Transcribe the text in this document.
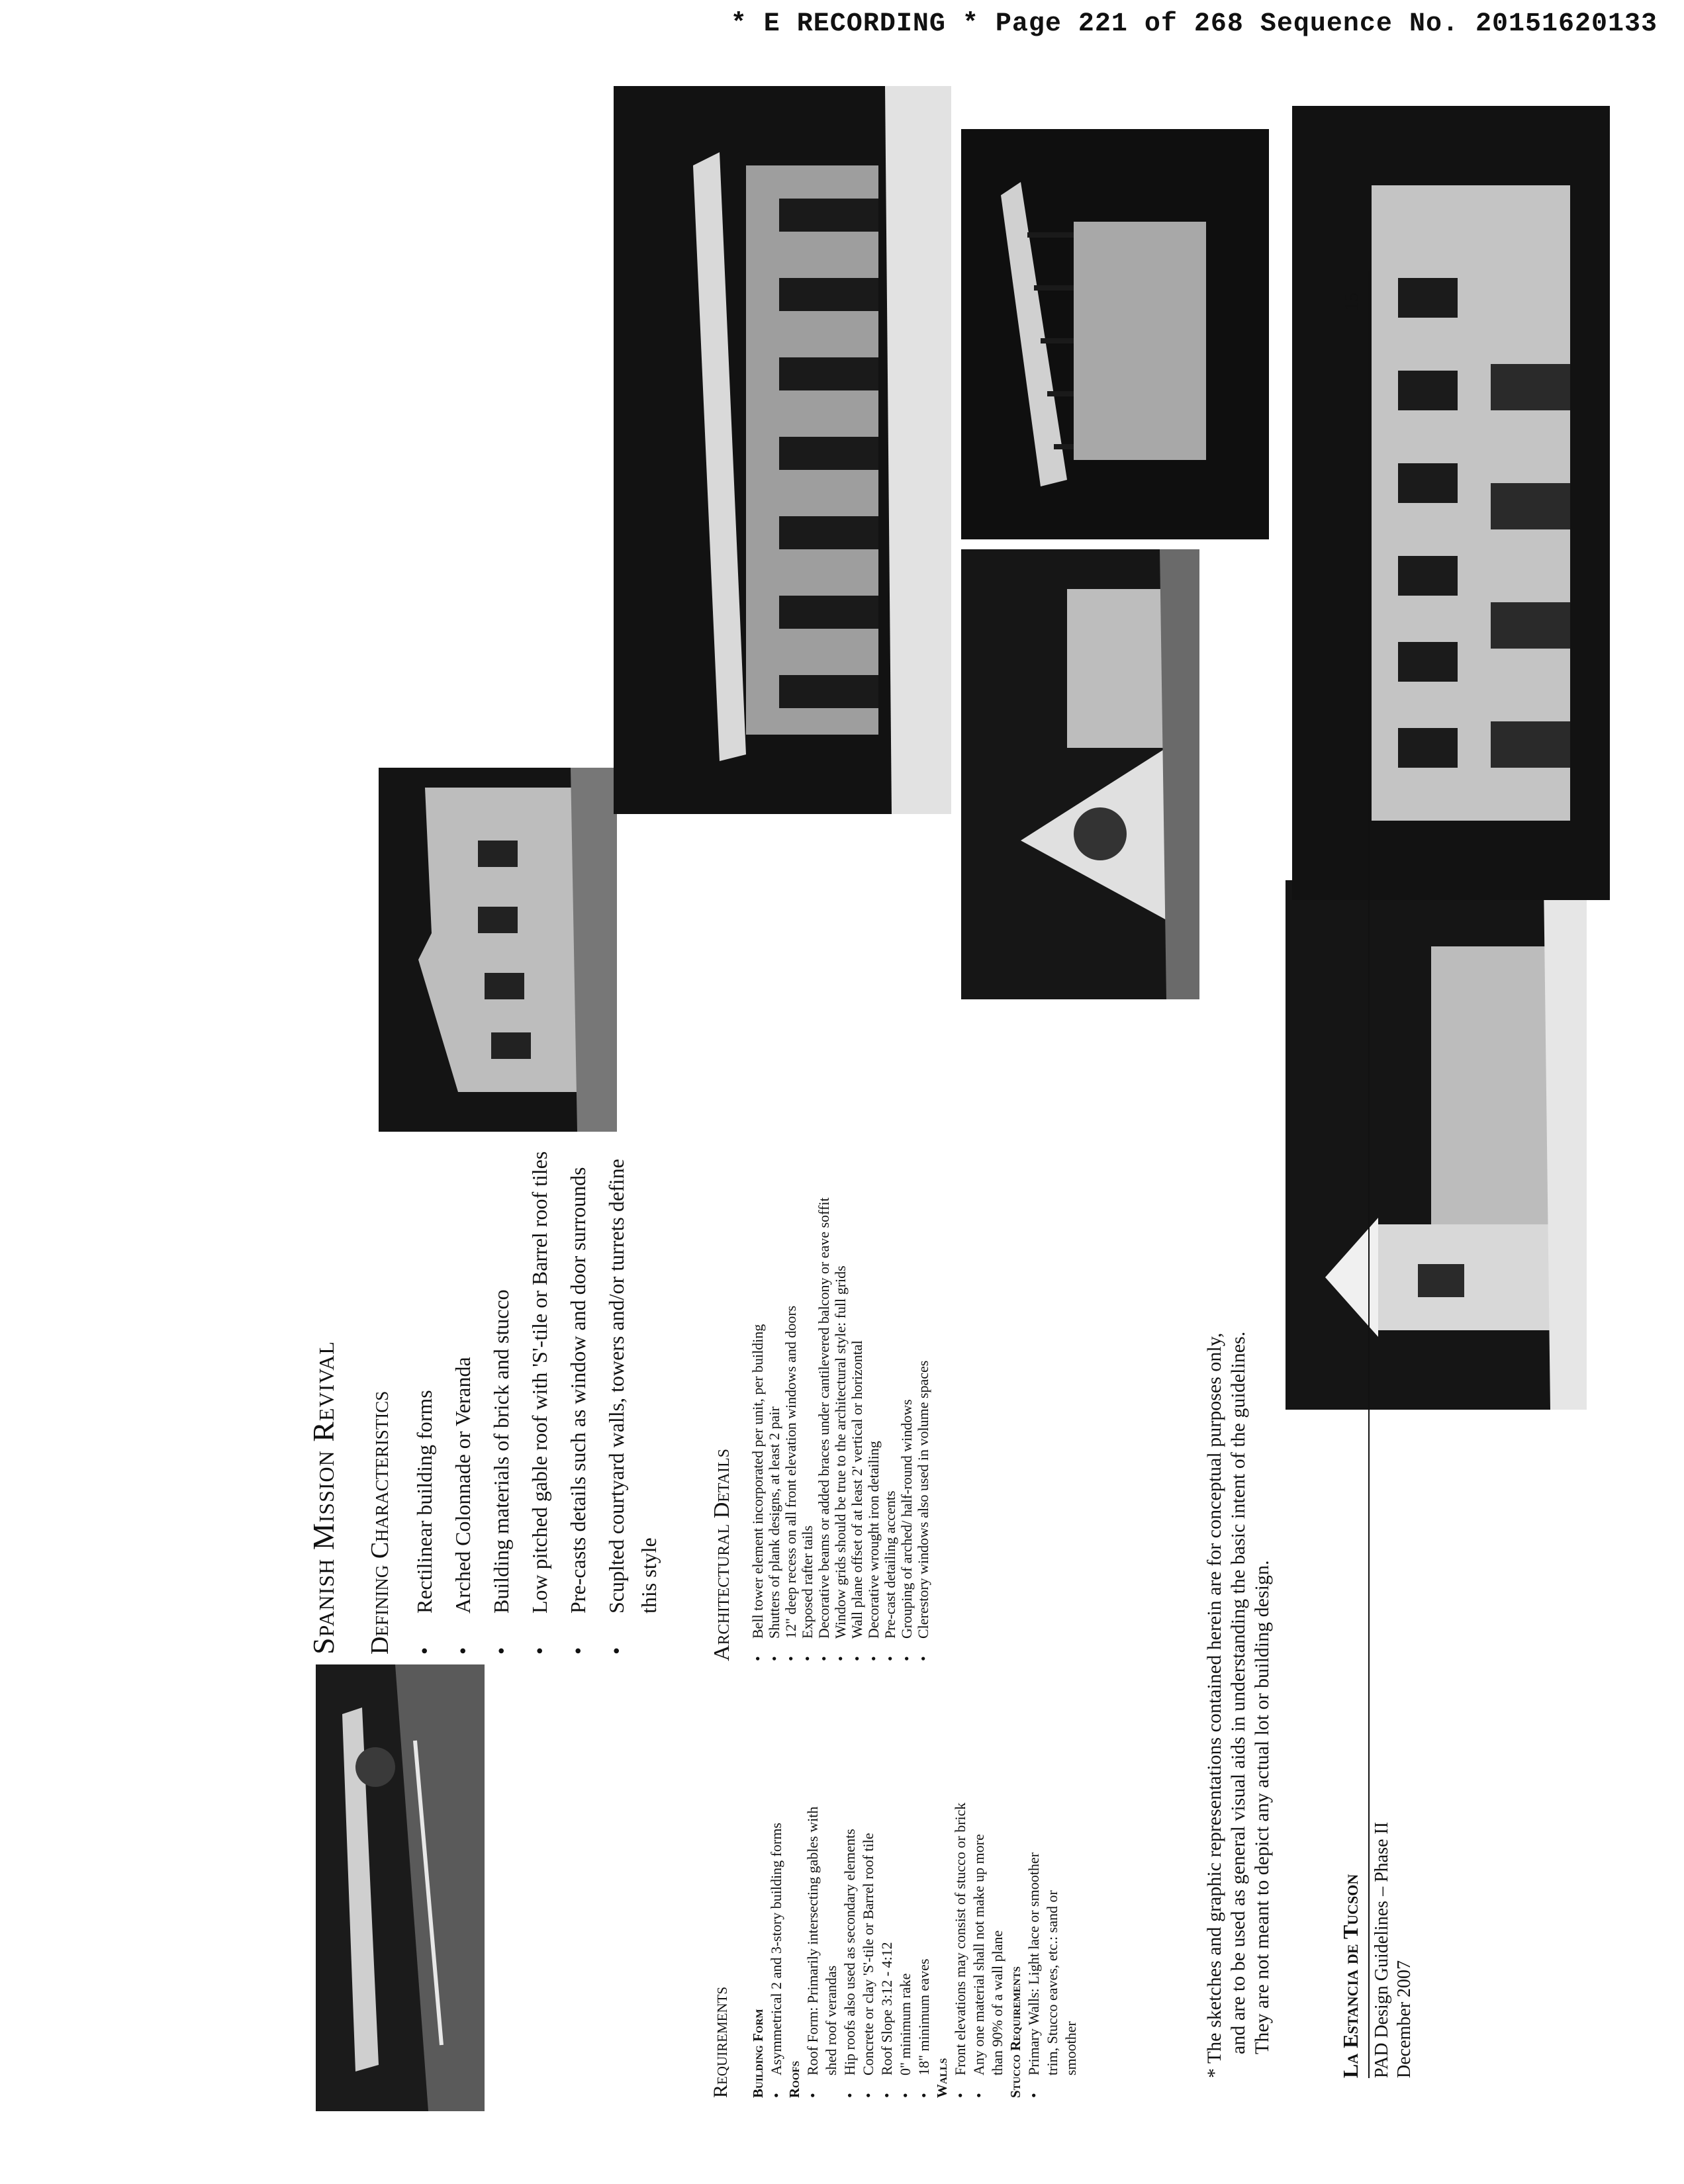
* E RECORDING * Page 221 of 268 Sequence No. 20151620133
Spanish Mission Revival Defining Characteristics • Rectilinear building forms • Arched Colonnade or Veranda • Building materials of brick and stucco • Low pitched gable roof with 'S'-tile or Barrel roof tiles • Pre-casts details such as window and door surrounds • Scuplted courtyard walls, towers and/or turrets define this style
Requirements Building Form • Asymmetrical 2 and 3-story building forms
Roofs
• Roof Form: Primarily intersecting gables with shed roof verandas • Hip roofs also used as secondary elements • Concrete or clay 'S'-tile or Barrel roof tile • Roof Slope 3:12 - 4:12 • 0" minimum rake • 18" minimum eaves
Walls
• Front elevations may consist of stucco or brick • Any one material shall not make up more than 90% of a wall plane Stucco Requirements • Primary Walls: Light lace or smoother trim, Stucco eaves, etc.: sand or smoother
Architectural Details • Bell tower element incorporated per unit, per building • Shutters of plank designs, at least 2 pair • 12" deep recess on all front elevation windows and doors • Exposed rafter tails • Decorative beams or added braces under cantilevered balcony or eave soffit • Window grids should be true to the architectural style: full grids • Wall plane offset of at least 2' vertical or horizontal • Decorative wrought iron detailing • Pre-cast detailing accents • Grouping of arched/ half-round windows • Clerestory windows also used in volume spaces	* The sketches and graphic representations contained herein are for conceptual purposes only, and are to be used as general visual aids in understanding the basic intent of the guidelines. They are not meant to depict any actual lot or building design.	La Estancia de Tucson PAD Design Guidelines – Phase II December 2007
15
